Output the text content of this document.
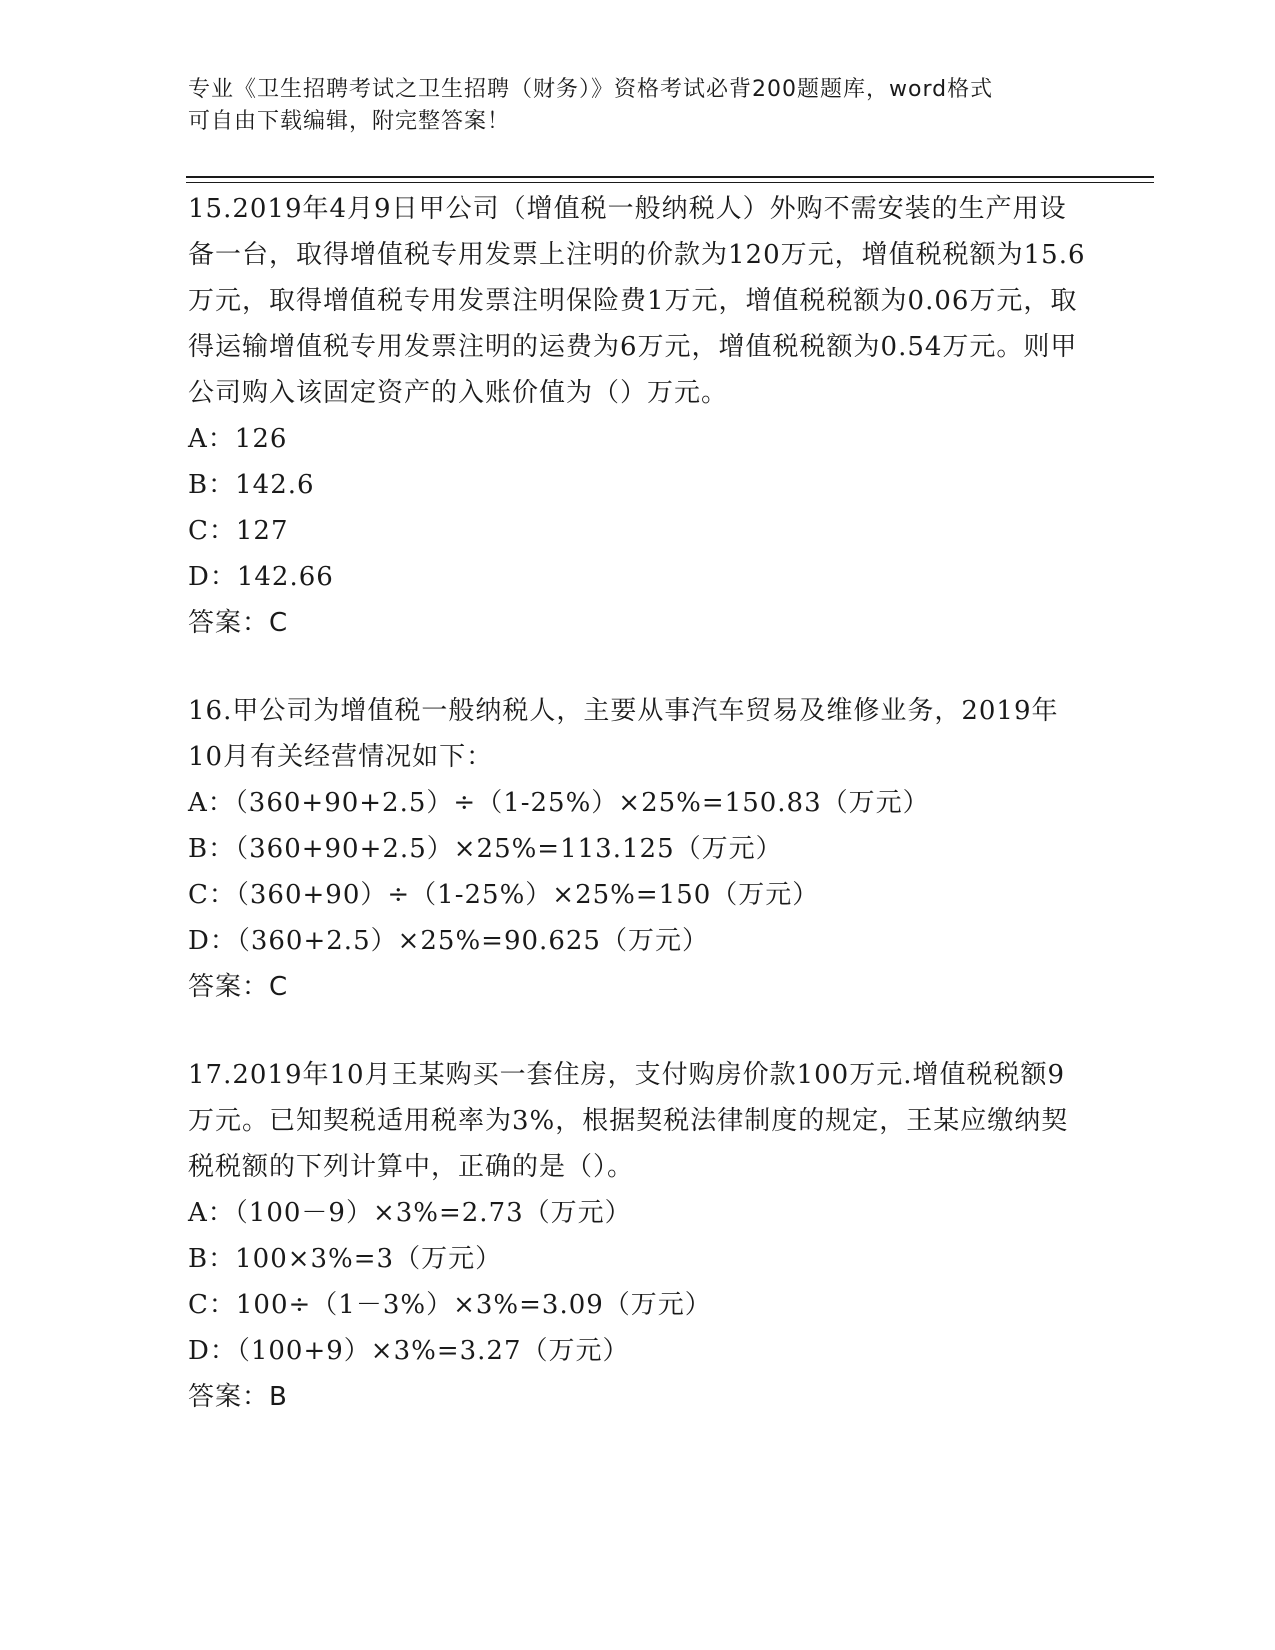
专业《卫生招聘考试之卫生招聘（财务）》资格考试必背200题题库，word格式
可自由下载编辑，附完整答案！

15.2019年4月9日甲公司（增值税一般纳税人）外购不需安装的生产用设备一台，取得增值税专用发票上注明的价款为120万元，增值税税额为15.6万元，取得增值税专用发票注明保险费1万元，增值税税额为0.06万元，取得运输增值税专用发票注明的运费为6万元，增值税税额为0.54万元。则甲公司购入该固定资产的入账价值为（）万元。

A：126

B：142.6

C：127

D：142.66

答案：C

16.甲公司为增值税一般纳税人，主要从事汽车贸易及维修业务，2019年10月有关经营情况如下：

A：（360+90+2.5）÷（1-25%）×25%=150.83（万元）

B：（360+90+2.5）×25%=113.125（万元）

C：（360+90）÷（1-25%）×25%=150（万元）

D：（360+2.5）×25%=90.625（万元）

答案：C

17.2019年10月王某购买一套住房，支付购房价款100万元.增值税税额9万元。已知契税适用税率为3%，根据契税法律制度的规定，王某应缴纳契税税额的下列计算中，正确的是（）。

A：（100－9）×3%=2.73（万元）

B：100×3%=3（万元）

C：100÷（1－3%）×3%=3.09（万元）

D：（100+9）×3%=3.27（万元）

答案：B
